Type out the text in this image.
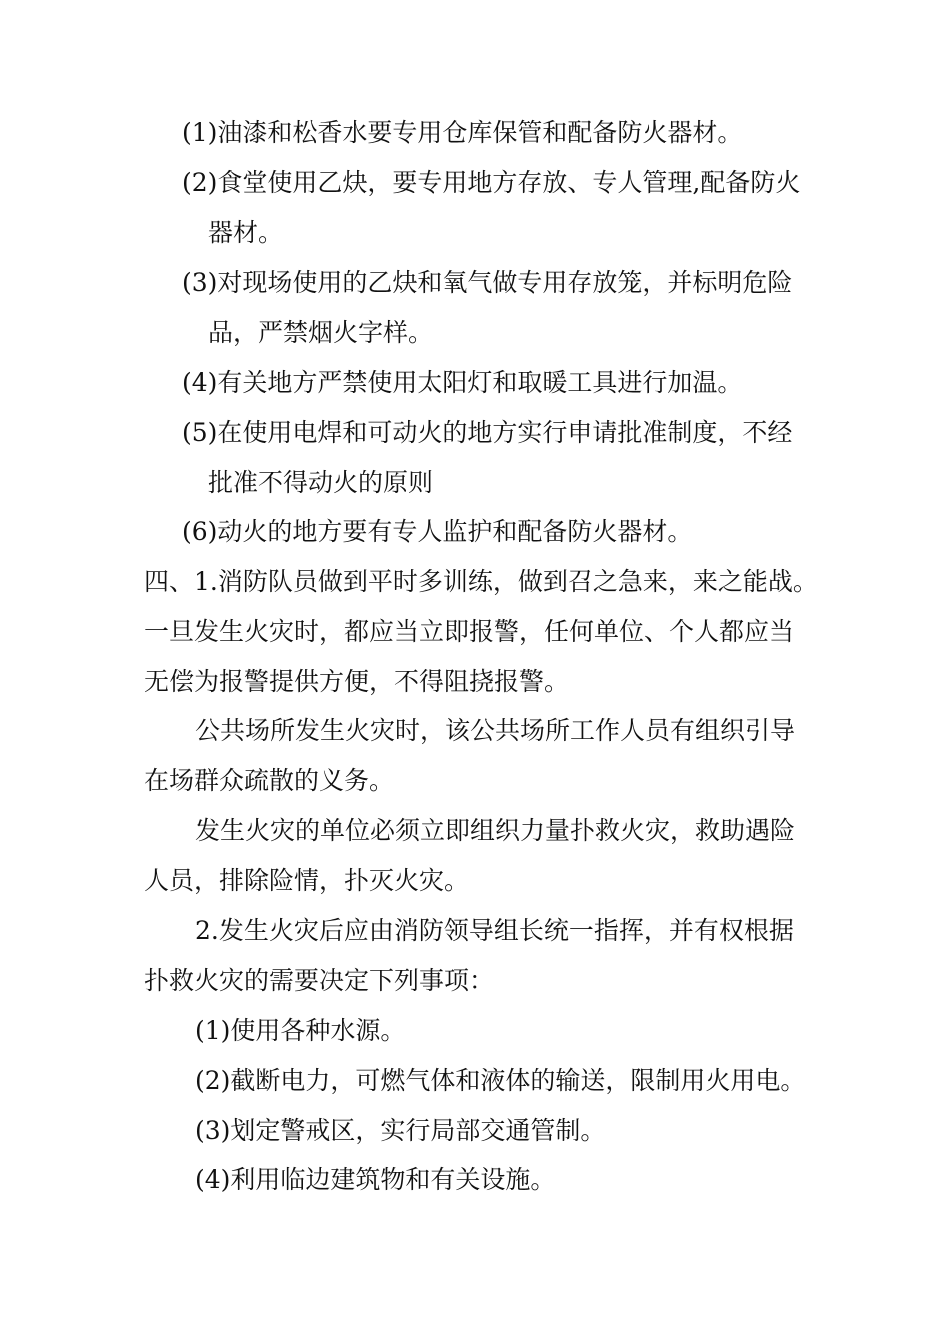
(1)油漆和松香水要专用仓库保管和配备防火器材。
(2)食堂使用乙炔，要专用地方存放、专人管理,配备防火
器材。
(3)对现场使用的乙炔和氧气做专用存放笼，并标明危险
品，严禁烟火字样。
(4)有关地方严禁使用太阳灯和取暖工具进行加温。
(5)在使用电焊和可动火的地方实行申请批准制度，不经
批准不得动火的原则
(6)动火的地方要有专人监护和配备防火器材。
四、1.消防队员做到平时多训练，做到召之急来，来之能战。
一旦发生火灾时，都应当立即报警，任何单位、个人都应当
无偿为报警提供方便，不得阻挠报警。
公共场所发生火灾时，该公共场所工作人员有组织引导
在场群众疏散的义务。
发生火灾的单位必须立即组织力量扑救火灾，救助遇险
人员，排除险情，扑灭火灾。
2.发生火灾后应由消防领导组长统一指挥，并有权根据
扑救火灾的需要决定下列事项：
(1)使用各种水源。
(2)截断电力，可燃气体和液体的输送，限制用火用电。
(3)划定警戒区，实行局部交通管制。
(4)利用临边建筑物和有关设施。
